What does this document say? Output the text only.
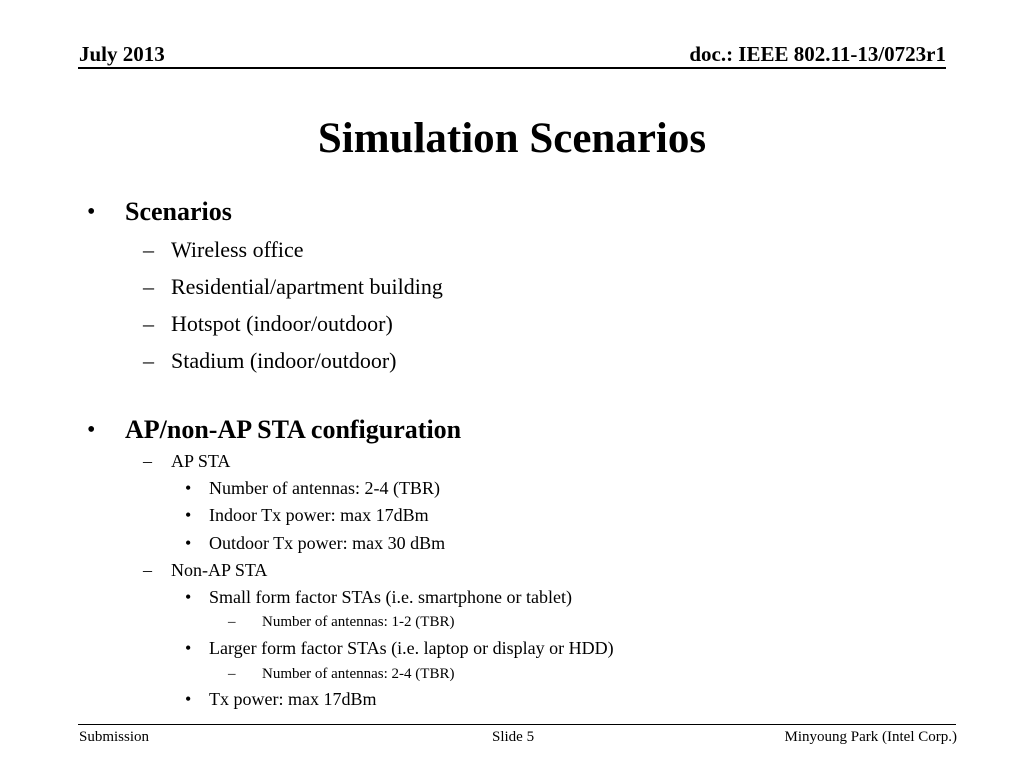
July 2013	doc.: IEEE 802.11-13/0723r1
Simulation Scenarios
• Scenarios
– Wireless office
– Residential/apartment building
– Hotspot (indoor/outdoor)
– Stadium (indoor/outdoor)
• AP/non-AP STA configuration
– AP STA
• Number of antennas: 2-4 (TBR)
• Indoor Tx power: max 17dBm
• Outdoor Tx power: max 30 dBm
– Non-AP STA
• Small form factor STAs (i.e. smartphone or tablet)
– Number of antennas: 1-2 (TBR)
• Larger form factor STAs (i.e. laptop or display or HDD)
– Number of antennas: 2-4 (TBR)
• Tx power: max 17dBm
Submission	Slide 5	Minyoung Park (Intel Corp.)
